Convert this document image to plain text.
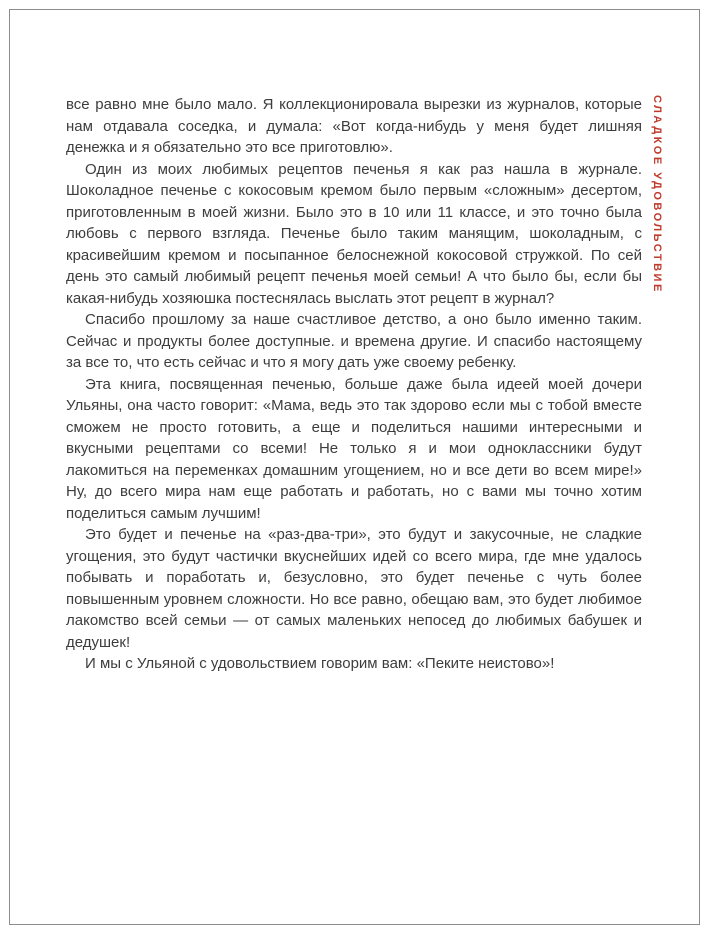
все равно мне было мало. Я коллекционировала вырезки из журналов, которые нам отдавала соседка, и думала: «Вот когда-нибудь у меня будет лишняя денежка и я обязательно это все приготовлю».

Один из моих любимых рецептов печенья я как раз нашла в журнале. Шоколадное печенье с кокосовым кремом было первым «сложным» десертом, приготовленным в моей жизни. Было это в 10 или 11 классе, и это точно была любовь с первого взгляда. Печенье было таким манящим, шоколадным, с красивейшим кремом и посыпанное белоснежной кокосовой стружкой. По сей день это самый любимый рецепт печенья моей семьи! А что было бы, если бы какая-нибудь хозяюшка постеснялась выслать этот рецепт в журнал?

Спасибо прошлому за наше счастливое детство, а оно было именно таким. Сейчас и продукты более доступные. и времена другие. И спасибо настоящему за все то, что есть сейчас и что я могу дать уже своему ребенку.

Эта книга, посвященная печенью, больше даже была идеей моей дочери Ульяны, она часто говорит: «Мама, ведь это так здорово если мы с тобой вместе сможем не просто готовить, а еще и поделиться нашими интересными и вкусными рецептами со всеми! Не только я и мои одноклассники будут лакомиться на переменках домашним угощением, но и все дети во всем мире!» Ну, до всего мира нам еще работать и работать, но с вами мы точно хотим поделиться самым лучшим!

Это будет и печенье на «раз-два-три», это будут и закусочные, не сладкие угощения, это будут частички вкуснейших идей со всего мира, где мне удалось побывать и поработать и, безусловно, это будет печенье с чуть более повышенным уровнем сложности. Но все равно, обещаю вам, это будет любимое лакомство всей семьи — от самых маленьких непосед до любимых бабушек и дедушек!

И мы с Ульяной с удовольствием говорим вам: «Пеките неистово»!

СЛАДКОЕ УДОВОЛЬСТВИЕ
